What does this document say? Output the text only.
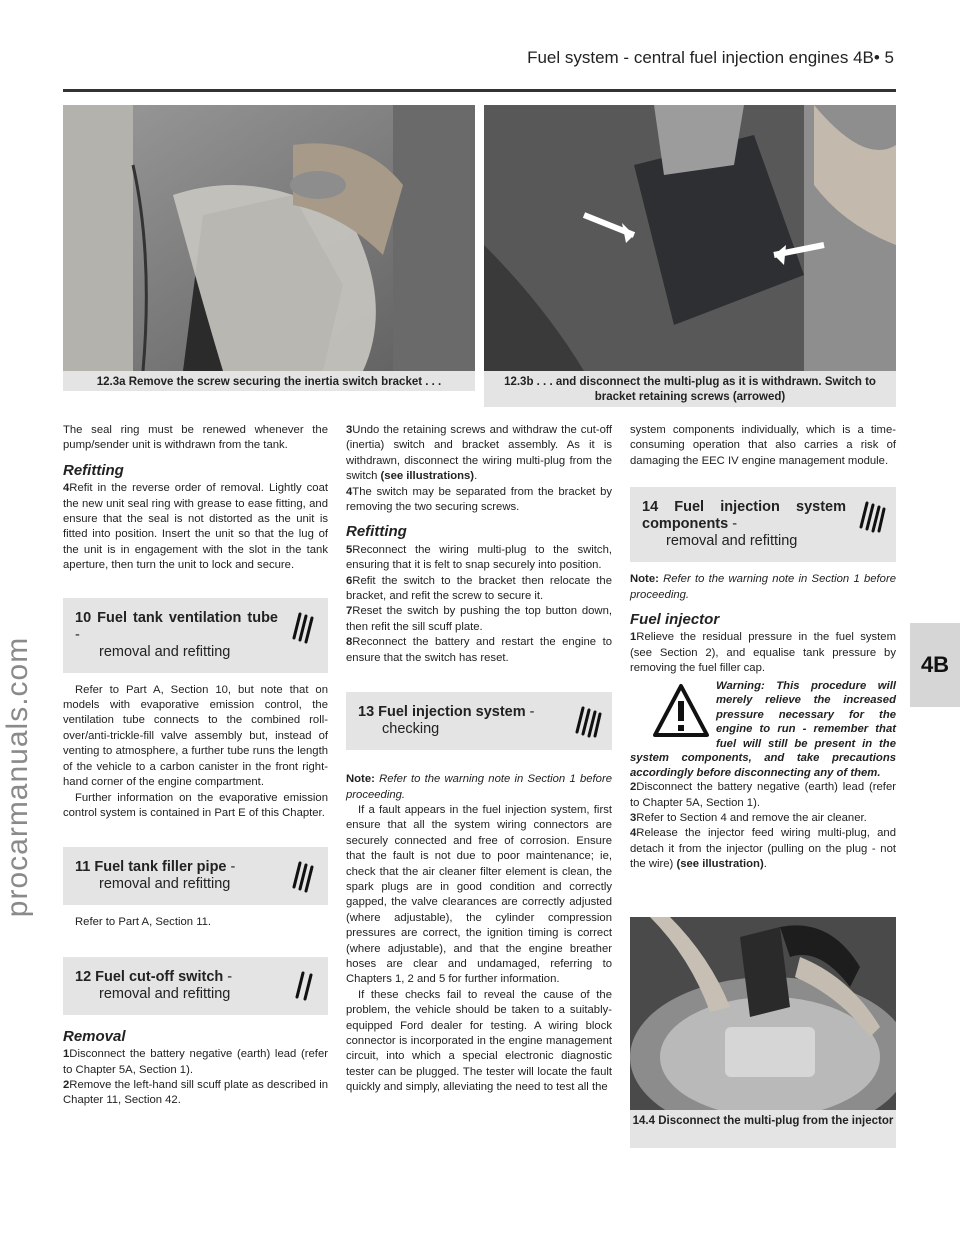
Fuel system - central fuel injection engines 4B• 5
procarmanuals.com	4B
12.3a Remove the screw securing the inertia switch bracket . . .	12.3b . . . and disconnect the multi-plug as it is withdrawn. Switch to bracket retaining screws (arrowed)

The seal ring must be renewed whenever the pump/sender unit is withdrawn from the tank.

Refitting

4Refit in the reverse order of removal. Lightly coat the new unit seal ring with grease to ease fitting, and ensure that the seal is not distorted as the unit is fitted into position. Insert the unit so that the lug of the unit is in engagement with the slot in the tank aperture, then turn the unit to lock and secure.

10 Fuel tank ventilation tube -
removal and refitting

Refer to Part A, Section 10, but note that on models with evaporative emission control, the ventilation tube connects to the combined roll-over/anti-trickle-fill valve assembly but, instead of venting to atmosphere, a further tube runs the length of the vehicle to a carbon canister in the front right-hand corner of the engine compartment.

Further information on the evaporative emission control system is contained in Part E of this Chapter.

11 Fuel tank filler pipe -
removal and refitting

Refer to Part A, Section 11.

12 Fuel cut-off switch -
removal and refitting
Removal

1Disconnect the battery negative (earth) lead (refer to Chapter 5A, Section 1).

2Remove the left-hand sill scuff plate as described in Chapter 11, Section 42.

3Undo the retaining screws and withdraw the cut-off (inertia) switch and bracket assembly. As it is withdrawn, disconnect the wiring multi-plug from the switch (see illustrations).

4The switch may be separated from the bracket by removing the two securing screws.

Refitting

5Reconnect the wiring multi-plug to the switch, ensuring that it is felt to snap securely into position.

6Refit the switch to the bracket then relocate the bracket, and refit the screw to secure it.

7Reset the switch by pushing the top button down, then refit the sill scuff plate.

8Reconnect the battery and restart the engine to ensure that the switch has reset.

13 Fuel injection system -
checking

Note: Refer to the warning note in Section 1 before proceeding.

If a fault appears in the fuel injection system, first ensure that all the system wiring connectors are securely connected and free of corrosion. Ensure that the fault is not due to poor maintenance; ie, check that the air cleaner filter element is clean, the spark plugs are in good condition and correctly gapped, the valve clearances are correctly adjusted (where adjustable), the cylinder compression pressures are correct, the ignition timing is correct (where adjustable), and that the engine breather hoses are clear and undamaged, referring to Chapters 1, 2 and 5 for further information.

If these checks fail to reveal the cause of the problem, the vehicle should be taken to a suitably-equipped Ford dealer for testing. A wiring block connector is incorporated in the engine management circuit, into which a special electronic diagnostic tester can be plugged. The tester will locate the fault quickly and simply, alleviating the need to test all the

system components individually, which is a time-consuming operation that also carries a risk of damaging the EEC IV engine management module.

14 Fuel injection system components -
removal and refitting

Note: Refer to the warning note in Section 1 before proceeding.

Fuel injector

1Relieve the residual pressure in the fuel system (see Section 2), and equalise tank pressure by removing the fuel filler cap.

Warning: This procedure will merely relieve the increased pressure necessary for the engine to run - remember that fuel will still be present in the system components, and take precautions accordingly before disconnecting any of them.

2Disconnect the battery negative (earth) lead (refer to Chapter 5A, Section 1).

3Refer to Section 4 and remove the air cleaner.

4Release the injector feed wiring multi-plug, and detach it from the injector (pulling on the plug - not the wire) (see illustration).

14.4 Disconnect the multi-plug from the injector
